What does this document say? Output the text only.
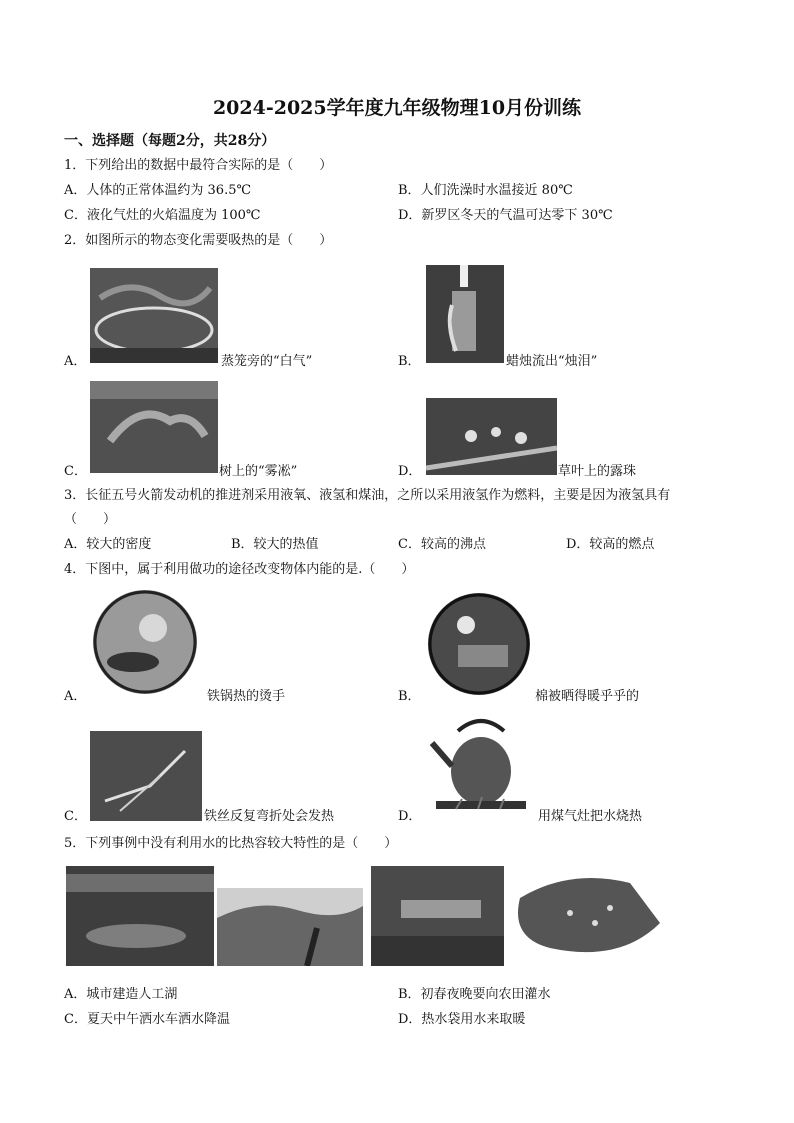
2024-2025学年度九年级物理10月份训练
一、选择题（每题2分，共28分）
1．下列给出的数据中最符合实际的是（　　）
A．人体的正常体温约为 36.5℃	B．人们洗澡时水温接近 80℃
C．液化气灶的火焰温度为 100℃	D．新罗区冬天的气温可达零下 30℃
2．如图所示的物态变化需要吸热的是（　　）
A．	蒸笼旁的“白气”	B．	蜡烛流出“烛泪”
C．	树上的“雾凇”	D．	草叶上的露珠
3．长征五号火箭发动机的推进剂采用液氧、液氢和煤油，之所以采用液氢作为燃料，主要是因为液氢具有
（　　）
A．较大的密度	B．较大的热值	C．较高的沸点	D．较高的燃点
4．下图中，属于利用做功的途径改变物体内能的是.（　　）
A．	铁锅热的烫手	B．	棉被晒得暖乎乎的
C．	铁丝反复弯折处会发热	D．	用煤气灶把水烧热
5．下列事例中没有利用水的比热容较大特性的是（　　）
A．城市建造人工湖	B．初春夜晚要向农田灌水
C．夏天中午洒水车洒水降温	D．热水袋用水来取暖
